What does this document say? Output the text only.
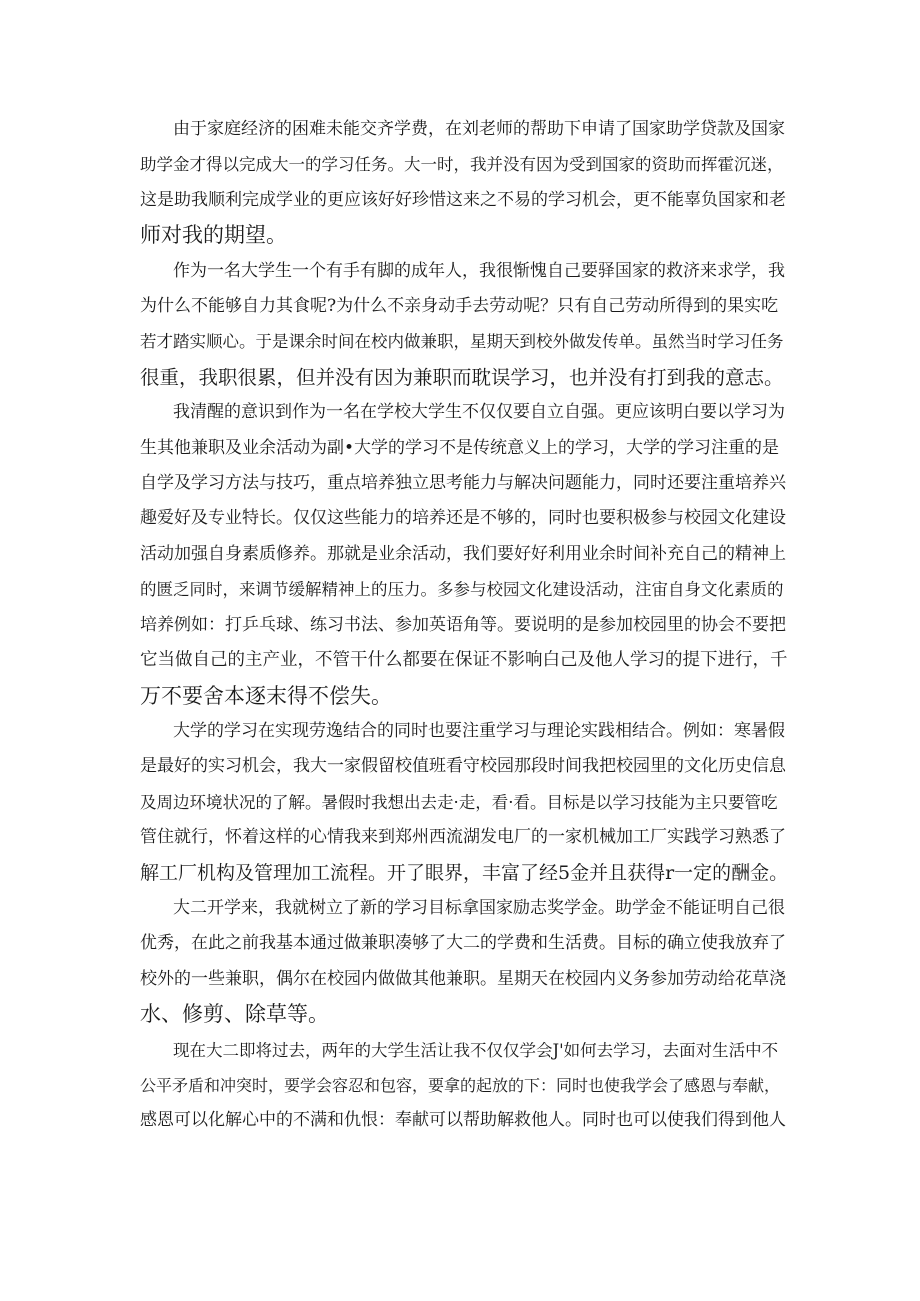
由于家庭经济的困难未能交齐学费，在刘老师的帮助下申请了国家助学贷款及国家
助学金才得以完成大一的学习任务。大一时，我并没有因为受到国家的资助而挥霍沉迷，
这是助我顺利完成学业的更应该好好珍惜这来之不易的学习机会，更不能辜负国家和老
师对我的期望。
作为一名大学生一个有手有脚的成年人，我很惭愧自己要驿国家的救济来求学，我
为什么不能够自力其食呢?为什么不亲身动手去劳动呢？只有自己劳动所得到的果实吃
若才踏实顺心。于是课余时间在校内做兼职，星期天到校外做发传单。虽然当时学习任务
很重，我职很累，但并没有因为兼职而耽误学习，也并没有打到我的意志。
我清醒的意识到作为一名在学校大学生不仅仅要自立自强。更应该明白要以学习为
生其他兼职及业余活动为副•大学的学习不是传统意义上的学习，大学的学习注重的是
自学及学习方法与技巧，重点培养独立思考能力与解决问题能力，同时还要注重培养兴
趣爱好及专业特长。仅仅这些能力的培养还是不够的，同时也要积极参与校园文化建设
活动加强自身素质修养。那就是业余活动，我们要好好利用业余时间补充自己的精神上
的匮乏同时，来调节缓解精神上的压力。多参与校园文化建设活动，注宙自身文化素质的
培养例如：打乒乓球、练习书法、参加英语角等。要说明的是参加校园里的协会不要把
它当做自己的主产业，不管干什么都要在保证不影响白己及他人学习的提下进行，千
万不要舍本逐末得不偿失。
大学的学习在实现劳逸结合的同时也要注重学习与理论实践相结合。例如：寒暑假
是最好的实习机会，我大一家假留校值班看守校园那段时间我把校园里的文化历史信息
及周边环境状况的了解。暑假时我想出去走·走，看·看。目标是以学习技能为主只要管吃
管住就行，怀着这样的心情我来到郑州西流湖发电厂的一家机械加工厂实践学习熟悉了
解工厂机构及管理加工流程。开了眼界，丰富了经5金并且获得r一定的酬金。
大二开学来，我就树立了新的学习目标拿国家励志奖学金。助学金不能证明自己很
优秀，在此之前我基本通过做兼职凑够了大二的学费和生活费。目标的确立使我放弃了
校外的一些兼职，偶尔在校园内做做其他兼职。星期天在校园内义务参加劳动给花草浇
水、修剪、除草等。
现在大二即将过去，两年的大学生活让我不仅仅学会J'如何去学习，去面对生活中不
公平矛盾和冲突时，要学会容忍和包容，要拿的起放的下：同时也使我学会了感恩与奉献，
感恩可以化解心中的不满和仇恨：奉献可以帮助解救他人。同时也可以使我们得到他人
